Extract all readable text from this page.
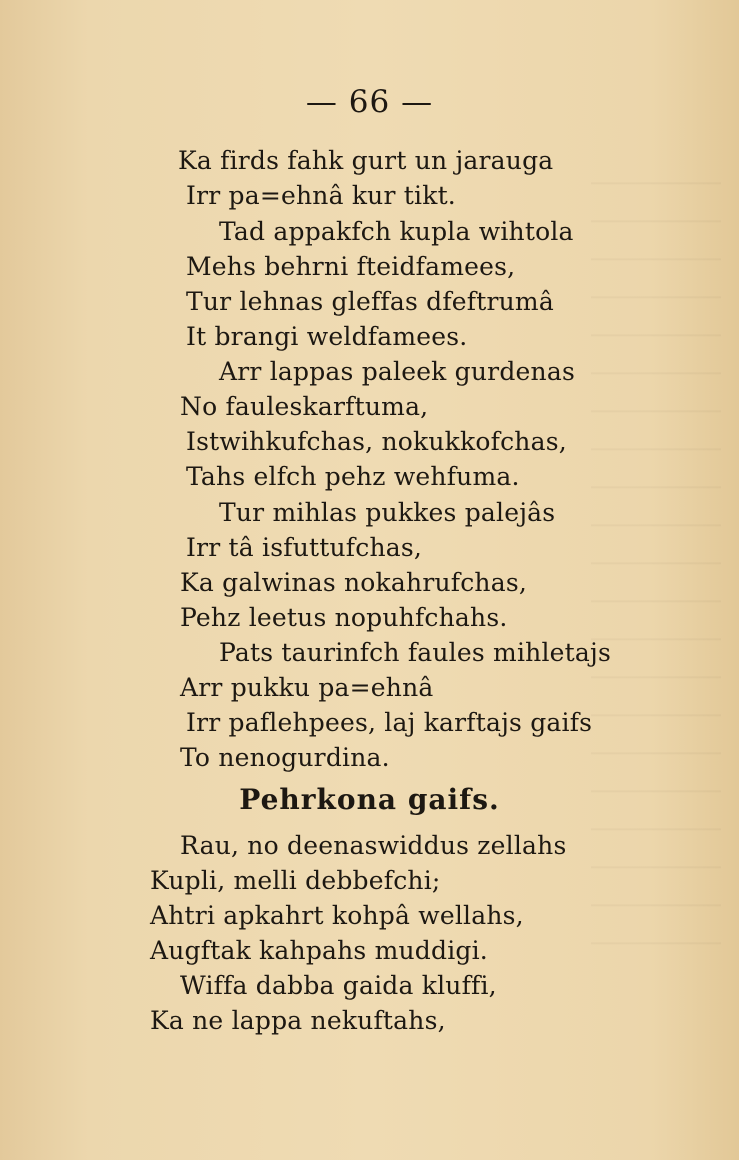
— 66 —
Ka firds fahk gurt un jarauga
Irr pa=ehnâ kur tikt.
Tad appakfch kupla wihtola
Mehs behrni fteidfamees,
Tur lehnas gleffas dfeftrumâ
It brangi weldfamees.
Arr lappas paleek gurdenas
No fauleskarftuma,
Istwihkufchas, nokukkofchas,
Tahs elfch pehz wehfuma.
Tur mihlas pukkes palejâs
Irr tâ isfuttufchas,
Ka galwinas nokahrufchas,
Pehz leetus nopuhfchahs.
Pats taurinfch faules mihletajs
Arr pukku pa=ehnâ
Irr paflehpees, laj karftajs gaifs
To nenogurdina.
Pehrkona gaifs.
Rau, no deenaswiddus zellahs
Kupli, melli debbefchi;
Ahtri apkahrt kohpâ wellahs,
Augftak kahpahs muddigi.
Wiffa dabba gaida kluffi,
Ka ne lappa nekuftahs,
